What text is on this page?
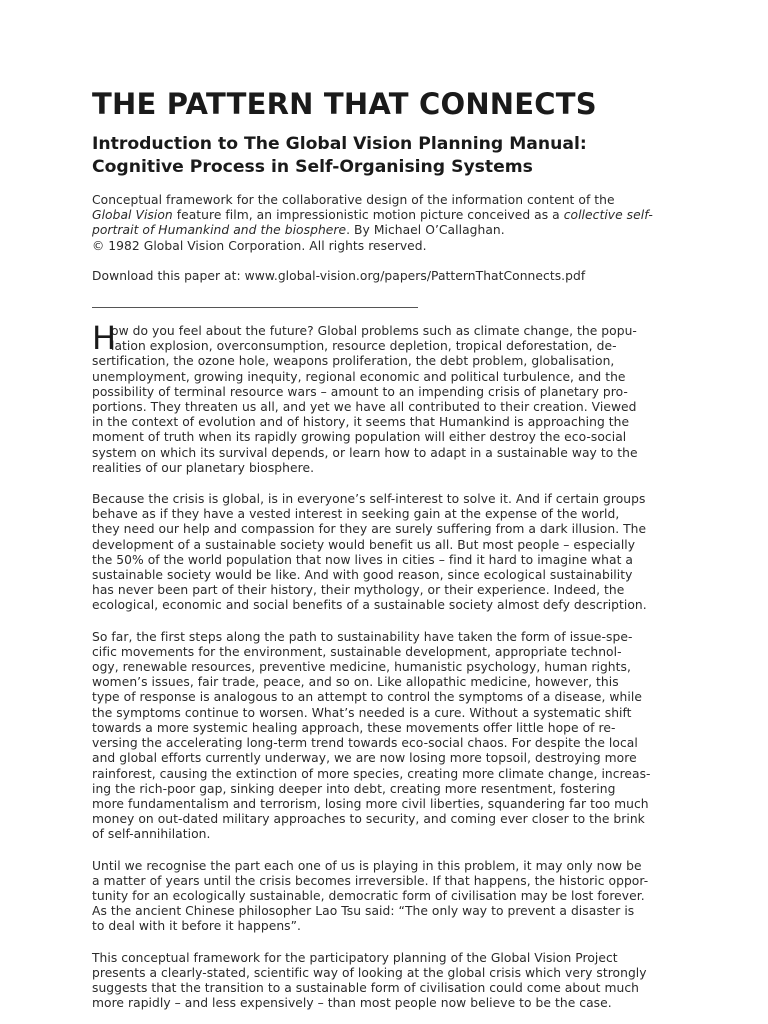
THE PATTERN THAT CONNECTS
Introduction to The Global Vision Planning Manual:
Cognitive Process in Self-Organising Systems
Conceptual framework for the collaborative design of the information content of the
Global Vision feature film, an impressionistic motion picture conceived as a collective self-
portrait of Humankind and the biosphere. By Michael O’Callaghan.
© 1982 Global Vision Corporation. All rights reserved.
Download this paper at: www.global-vision.org/papers/PatternThatConnects.pdf
H
ow do you feel about the future? Global problems such as climate change, the popu-
lation explosion, overconsumption, resource depletion, tropical deforestation, de-
sertification, the ozone hole, weapons proliferation, the debt problem, globalisation,
unemployment, growing inequity, regional economic and political turbulence, and the
possibility of terminal resource wars – amount to an impending crisis of planetary pro-
portions. They threaten us all, and yet we have all contributed to their creation. Viewed
in the context of evolution and of history, it seems that Humankind is approaching the
moment of truth when its rapidly growing population will either destroy the eco-social
system on which its survival depends, or learn how to adapt in a sustainable way to the
realities of our planetary biosphere.
Because the crisis is global, is in everyone’s self-interest to solve it. And if certain groups
behave as if they have a vested interest in seeking gain at the expense of the world,
they need our help and compassion for they are surely suffering from a dark illusion. The
development of a sustainable society would benefit us all. But most people – especially
the 50% of the world population that now lives in cities – find it hard to imagine what a
sustainable society would be like. And with good reason, since ecological sustainability
has never been part of their history, their mythology, or their experience. Indeed, the
ecological, economic and social benefits of a sustainable society almost defy description.
So far, the first steps along the path to sustainability have taken the form of issue-spe-
cific movements for the environment, sustainable development, appropriate technol-
ogy, renewable resources, preventive medicine, humanistic psychology, human rights,
women’s issues, fair trade, peace, and so on. Like allopathic medicine, however, this
type of response is analogous to an attempt to control the symptoms of a disease, while
the symptoms continue to worsen. What’s needed is a cure. Without a systematic shift
towards a more systemic healing approach, these movements offer little hope of re-
versing the accelerating long-term trend towards eco-social chaos. For despite the local
and global efforts currently underway, we are now losing more topsoil, destroying more
rainforest, causing the extinction of more species, creating more climate change, increas-
ing the rich-poor gap, sinking deeper into debt, creating more resentment, fostering
more fundamentalism and terrorism, losing more civil liberties, squandering far too much
money on out-dated military approaches to security, and coming ever closer to the brink
of self-annihilation.
Until we recognise the part each one of us is playing in this problem, it may only now be
a matter of years until the crisis becomes irreversible. If that happens, the historic oppor-
tunity for an ecologically sustainable, democratic form of civilisation may be lost forever.
As the ancient Chinese philosopher Lao Tsu said: “The only way to prevent a disaster is
to deal with it before it happens”.
This conceptual framework for the participatory planning of the Global Vision Project
presents a clearly-stated, scientific way of looking at the global crisis which very strongly
suggests that the transition to a sustainable form of civilisation could come about much
more rapidly – and less expensively – than most people now believe to be the case.
